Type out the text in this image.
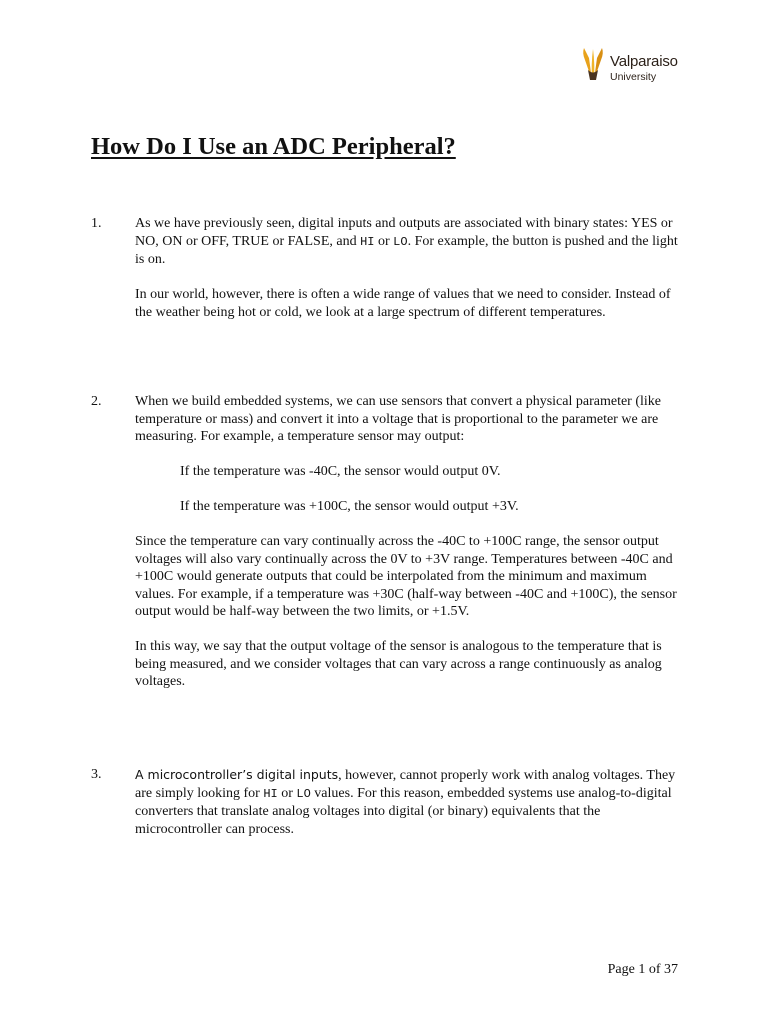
Valparaiso
University
How Do I Use an ADC Peripheral?
1. As we have previously seen, digital inputs and outputs are associated with binary states: YES or NO, ON or OFF, TRUE or FALSE, and HI or LO. For example, the button is pushed and the light is on.

In our world, however, there is often a wide range of values that we need to consider. Instead of the weather being hot or cold, we look at a large spectrum of different temperatures.

2. When we build embedded systems, we can use sensors that convert a physical parameter (like temperature or mass) and convert it into a voltage that is proportional to the parameter we are measuring. For example, a temperature sensor may output:

If the temperature was -40C, the sensor would output 0V.

If the temperature was +100C, the sensor would output +3V.

Since the temperature can vary continually across the -40C to +100C range, the sensor output voltages will also vary continually across the 0V to +3V range. Temperatures between -40C and +100C would generate outputs that could be interpolated from the minimum and maximum values. For example, if a temperature was +30C (half-way between -40C and +100C), the sensor output would be half-way between the two limits, or +1.5V.

In this way, we say that the output voltage of the sensor is analogous to the temperature that is being measured, and we consider voltages that can vary across a range continuously as analog voltages.

3.	A microcontroller’s digital inputs, however, cannot properly work with analog voltages. They are simply looking for HI or LO values. For this reason, embedded systems use analog-to-digital converters that translate analog voltages into digital (or binary) equivalents that the microcontroller can process.

Page 1 of 37
